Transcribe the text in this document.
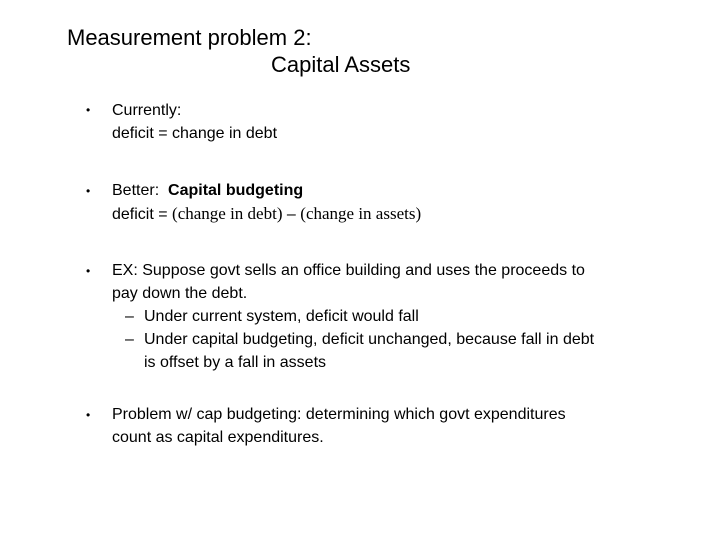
Measurement problem 2:
Capital Assets
• Currently:
deficit = change in debt
• Better:  Capital budgeting
deficit = (change in debt) – (change in assets)
• EX: Suppose govt sells an office building and uses the proceeds to
pay down the debt.
– Under current system, deficit would fall
– Under capital budgeting, deficit unchanged, because fall in debt
is offset by a fall in assets
• Problem w/ cap budgeting: determining which govt expenditures
count as capital expenditures.
